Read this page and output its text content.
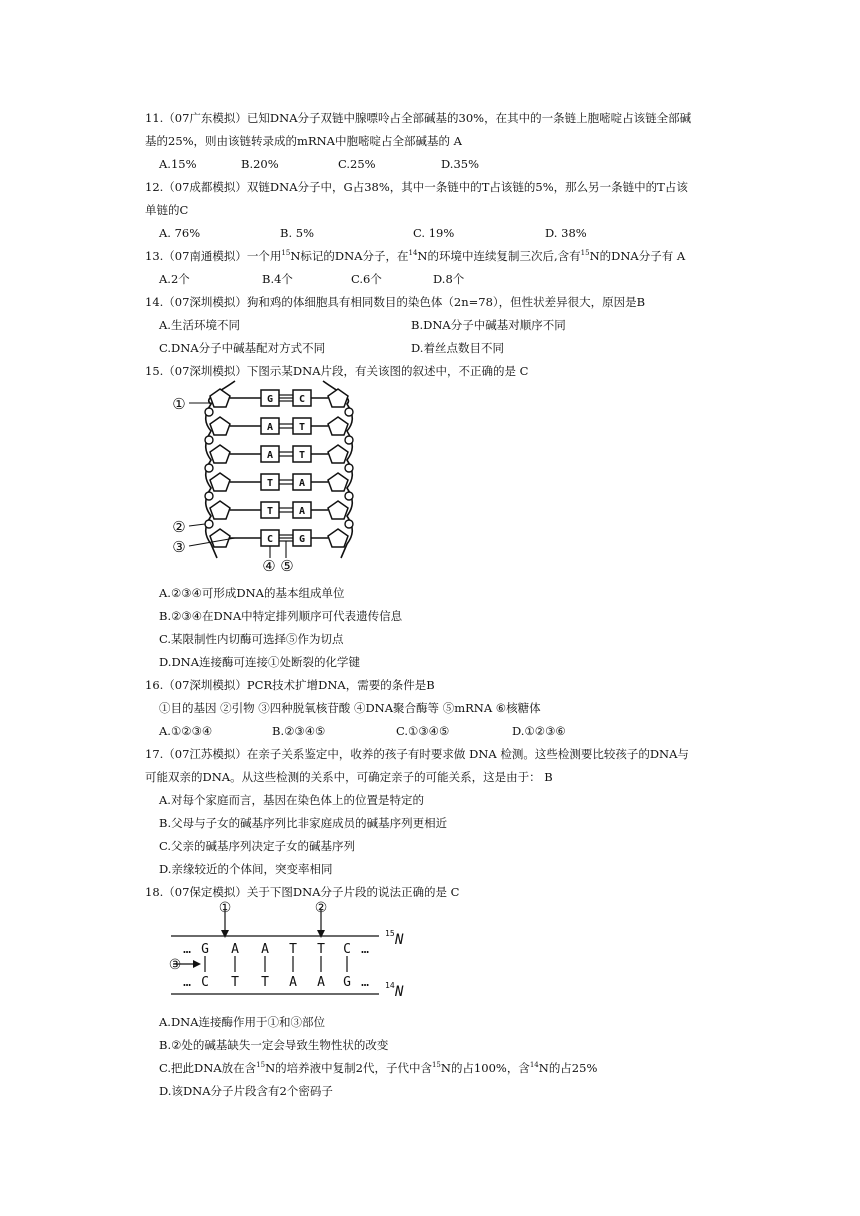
11.（07广东模拟）已知DNA分子双链中腺嘌呤占全部碱基的30%，在其中的一条链上胞嘧啶占该链全部碱
基的25%，则由该链转录成的mRNA中胞嘧啶占全部碱基的 A
A.15%	B.20%	C.25%	D.35%
12.（07成都模拟）双链DNA分子中，G占38%，其中一条链中的T占该链的5%，那么另一条链中的T占该
单链的C
A. 76%	B. 5%	C. 19%	D. 38%
13.（07南通模拟）一个用$^{15}$N标记的DNA分子，在$^{14}$N的环境中连续复制三次后,含有$^{15}$N的DNA分子有 A
A.2个	B.4个	C.6个	D.8个
14.（07深圳模拟）狗和鸡的体细胞具有相同数目的染色体（2n=78），但性状差异很大，原因是B
A.生活环境不同	B.DNA分子中碱基对顺序不同
C.DNA分子中碱基配对方式不同	D.着丝点数目不同
15.（07深圳模拟）下图示某DNA片段，有关该图的叙述中，不正确的是 C
G
A
A
T
T
C
C
T
T
A
A
G
①
②
③
④ ⑤
A.②③④可形成DNA的基本组成单位
B.②③④在DNA中特定排列顺序可代表遗传信息
C.某限制性内切酶可选择⑤作为切点
D.DNA连接酶可连接①处断裂的化学键
16.（07深圳模拟）PCR技术扩增DNA，需要的条件是B
①目的基因 ②引物 ③四种脱氧核苷酸 ④DNA聚合酶等 ⑤mRNA ⑥核糖体
A.①②③④	B.②③④⑤	C.①③④⑤	D.①②③⑥
17.（07江苏模拟）在亲子关系鉴定中，收养的孩子有时要求做 DNA 检测。这些检测要比较孩子的DNA与
可能双亲的DNA。从这些检测的关系中，可确定亲子的可能关系，这是由于： B
A.对每个家庭而言，基因在染色体上的位置是特定的
B.父母与子女的碱基序列比非家庭成员的碱基序列更相近
C.父亲的碱基序列决定子女的碱基序列
D.亲缘较近的个体间，突变率相同
18.（07保定模拟）关于下图DNA分子片段的说法正确的是 C
①	②
③
… G A A T T C …
… C T T A A G …
15 N
14 N
A.DNA连接酶作用于①和③部位
B.②处的碱基缺失一定会导致生物性状的改变
C.把此DNA放在含$^{15}$N的培养液中复制2代，子代中含$^{15}$N的占100%，含$^{14}$N的占25%
D.该DNA分子片段含有2个密码子
